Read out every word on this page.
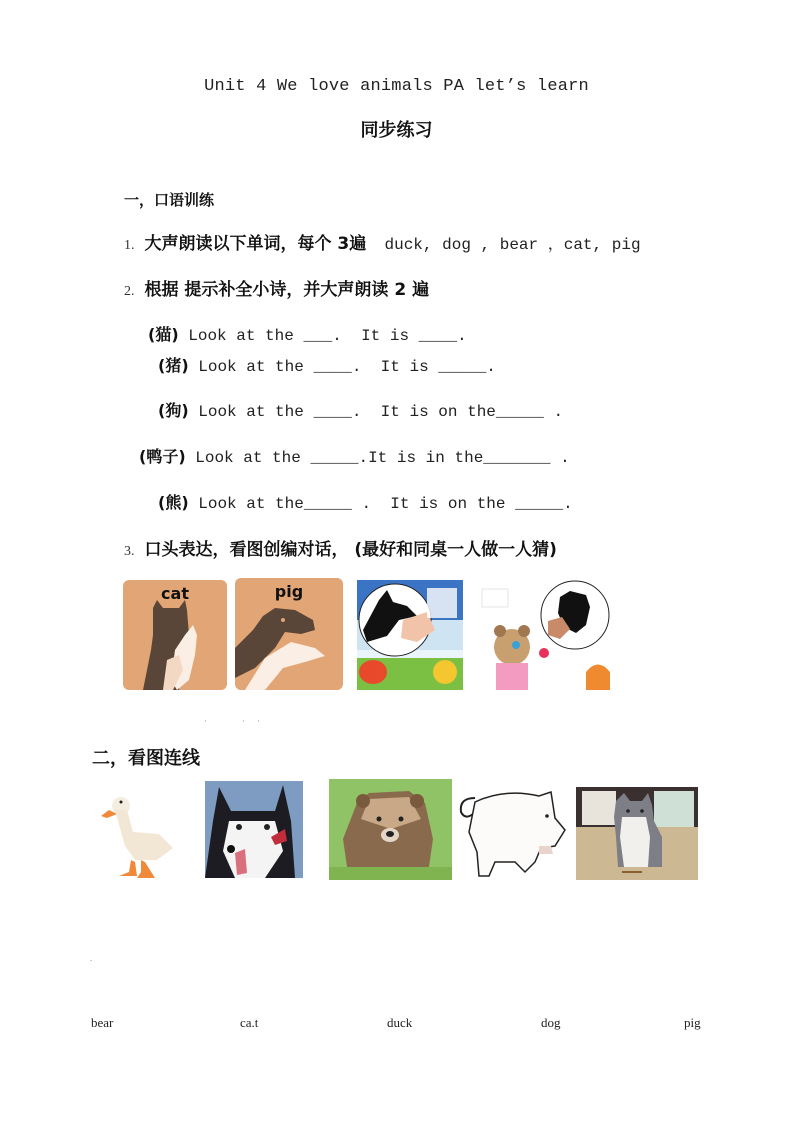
Unit 4 We love animals PA let’s learn
同步练习
一，口语训练
1. 大声朗读以下单词，每个 3遍 duck, dog , bear ，cat, pig
2. 根据 提示补全小诗，并大声朗读 2 遍
(猫) Look at the ___.  It is ____.
(猪) Look at the ____.  It is _____.
(狗) Look at the ____.  It is on the_____ .
(鸭子) Look at the _____.It is in the_______ .
(熊) Look at the_____ .  It is on the _____.
3. 口头表达，看图创编对话， (最好和同桌一人做一人猜)
cat	pig
·	· ·
二，看图连线
.
bear	ca.t	duck	dog	pig
